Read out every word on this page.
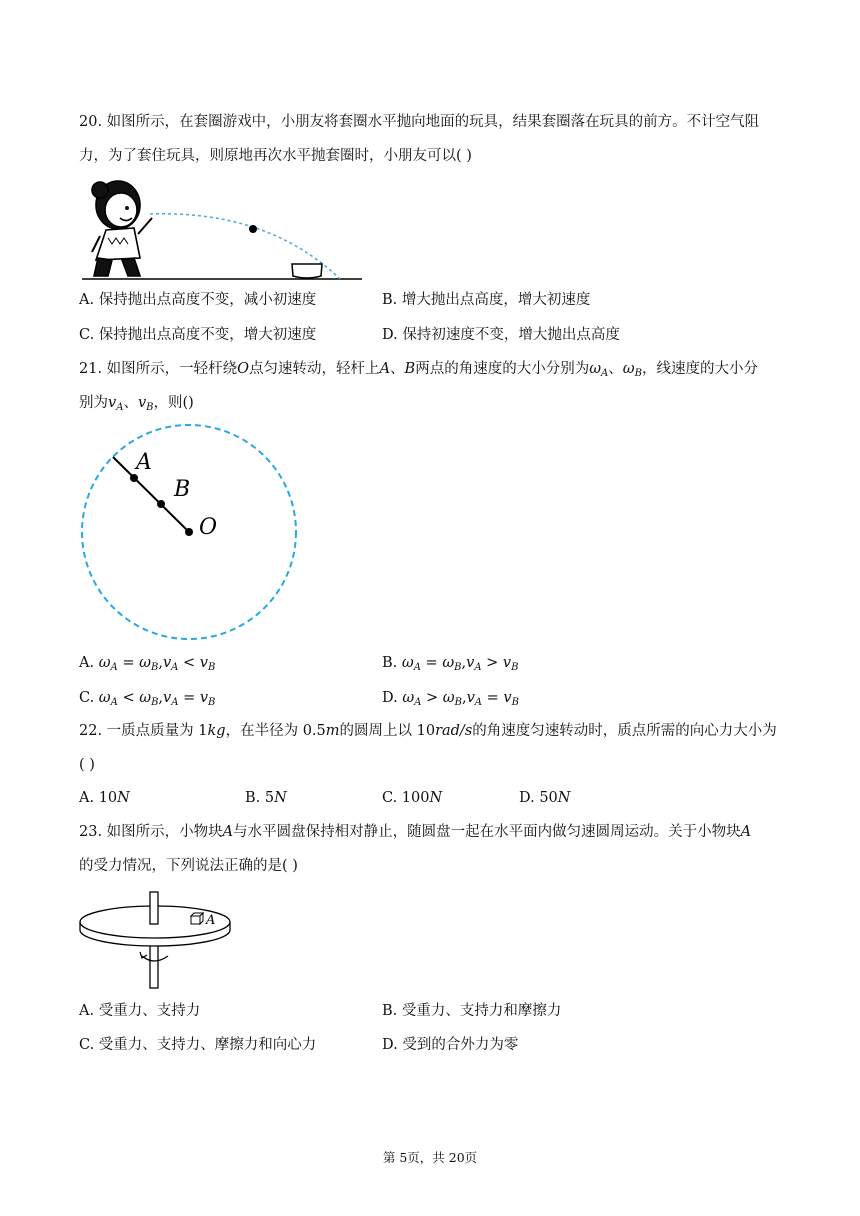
20. 如图所示，在套圈游戏中，小朋友将套圈水平抛向地面的玩具，结果套圈落在玩具的前方。不计空气阻
力，为了套住玩具，则原地再次水平抛套圈时，小朋友可以( )
A. 保持抛出点高度不变，减小初速度	B. 增大抛出点高度，增大初速度
C. 保持抛出点高度不变，增大初速度	D. 保持初速度不变，增大抛出点高度
21. 如图所示，一轻杆绕O点匀速转动，轻杆上A、B两点的角速度的大小分别为$\omega_A$、$\omega_B$，线速度的大小分
别为$v_A$、$v_B$，则()
A
B
O
A. $\omega_A = \omega_B,v_A < v_B$	B. $\omega_A = \omega_B,v_A > v_B$
C. $\omega_A < \omega_B,v_A = v_B$	D. $\omega_A > \omega_B,v_A = v_B$
22. 一质点质量为 1kg，在半径为 0.5m的圆周上以 10rad/s的角速度匀速转动时，质点所需的向心力大小为
( )
A. 10N	B. 5N	C. 100N	D. 50N
23. 如图所示，小物块A与水平圆盘保持相对静止，随圆盘一起在水平面内做匀速圆周运动。关于小物块A
的受力情况，下列说法正确的是( )
A
A. 受重力、支持力	B. 受重力、支持力和摩擦力
C. 受重力、支持力、摩擦力和向心力	D. 受到的合外力为零
第 5页，共 20页
